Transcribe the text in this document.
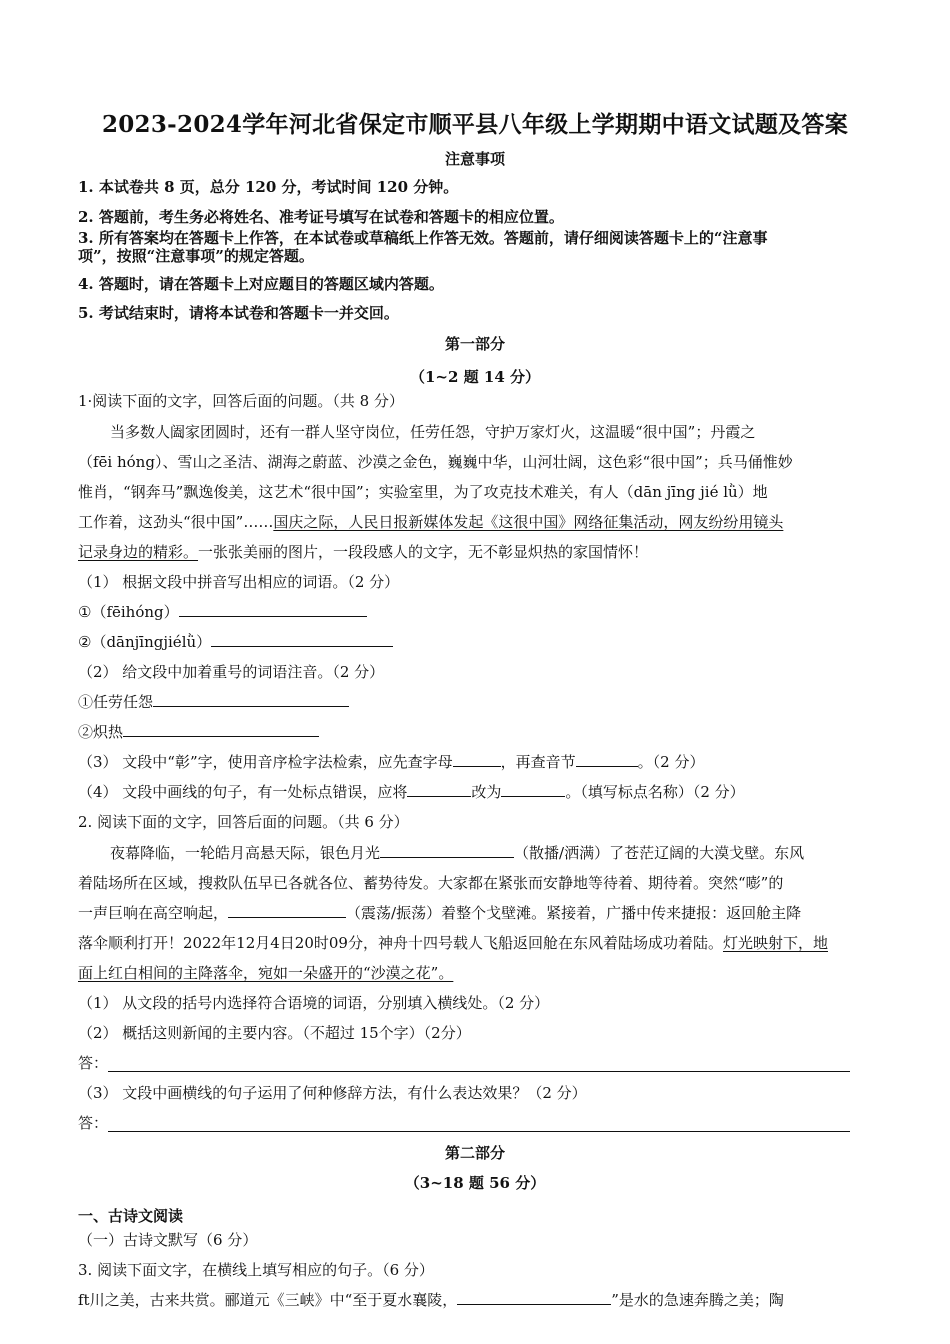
2023-2024学年河北省保定市顺平县八年级上学期期中语文试题及答案
注意事项
1. 本试卷共 8 页，总分 120 分，考试时间 120 分钟。
2. 答题前，考生务必将姓名、准考证号填写在试卷和答题卡的相应位置。
3. 所有答案均在答题卡上作答，在本试卷或草稿纸上作答无效。答题前，请仔细阅读答题卡上的“注意事
项”，按照“注意事项”的规定答题。
4. 答题时，请在答题卡上对应题目的答题区域内答题。
5. 考试结束时，请将本试卷和答题卡一并交回。
第一部分
（1~2 题 14 分）
1·阅读下面的文字，回答后面的问题。（共 8 分）
当多数人阖家团圆时，还有一群人坚守岗位，任劳任怨，守护万家灯火，这温暖“很中国”；丹霞之
（fēi hóng）、雪山之圣洁、湖海之蔚蓝、沙漠之金色，巍巍中华，山河壮阔，这色彩“很中国”；兵马俑惟妙
惟肖，“钢奔马”飘逸俊美，这艺术“很中国”；实验室里，为了攻克技术难关，有人（dān jīng jié lǜ）地
工作着，这劲头“很中国”……国庆之际，人民日报新媒体发起《这很中国》网络征集活动，网友纷纷用镜头
记录身边的精彩。一张张美丽的图片，一段段感人的文字，无不彰显炽热的家国情怀！
（1） 根据文段中拼音写出相应的词语。（2 分）
①（fēihóng）
②（dānjīngjiélǜ）
（2） 给文段中加着重号的词语注音。（2 分）
①任劳任怨
②炽热
（3） 文段中“彰”字，使用音序检字法检索，应先查字母	，再查音节	。（2 分）
（4） 文段中画线的句子，有一处标点错误，应将	改为	。（填写标点名称）（2 分）
2. 阅读下面的文字，回答后面的问题。（共 6 分）
夜幕降临，一轮皓月高悬天际，银色月光	（散播/洒满）了苍茫辽阔的大漠戈壁。东风
着陆场所在区域，搜救队伍早已各就各位、蓄势待发。大家都在紧张而安静地等待着、期待着。突然“嘭”的
一声巨响在高空响起，	（震荡/振荡）着整个戈壁滩。紧接着，广播中传来捷报：返回舱主降
落伞顺利打开！2022年12月4日20时09分，神舟十四号载人飞船返回舱在东风着陆场成功着陆。灯光映射下，地
面上红白相间的主降落伞，宛如一朵盛开的“沙漠之花”。
（1） 从文段的括号内选择符合语境的词语，分别填入横线处。（2 分）
（2） 概括这则新闻的主要内容。（不超过 15个字）（2分）
答：
（3） 文段中画横线的句子运用了何种修辞方法，有什么表达效果？（2 分）
答：
第二部分
（3~18 题 56 分）
一、古诗文阅读
（一）古诗文默写（6 分）
3. 阅读下面文字，在横线上填写相应的句子。（6 分）
ft川之美，古来共赏。郦道元《三峡》中“至于夏水襄陵，	”是水的急速奔腾之美；陶
